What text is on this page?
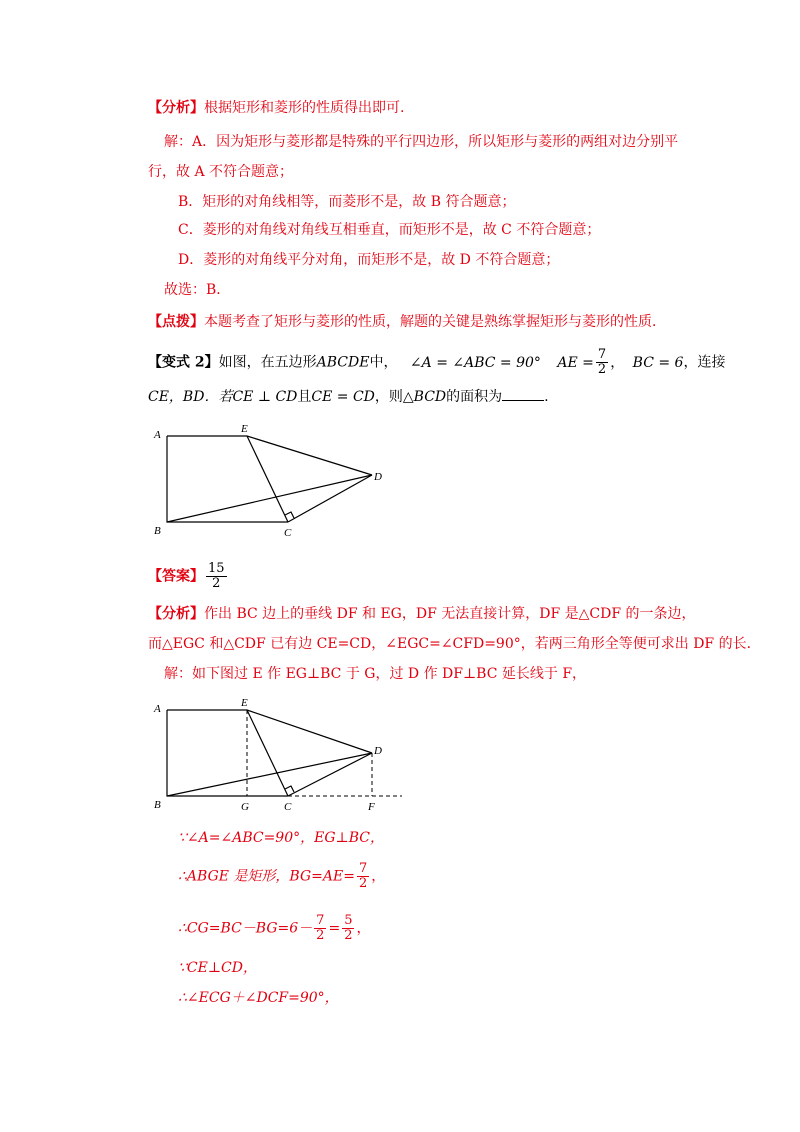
【分析】根据矩形和菱形的性质得出即可.
解：A．因为矩形与菱形都是特殊的平行四边形，所以矩形与菱形的两组对边分别平
行，故 A 不符合题意；
B．矩形的对角线相等，而菱形不是，故 B 符合题意；
C．菱形的对角线对角线互相垂直，而矩形不是，故 C 不符合题意；
D．菱形的对角线平分对角，而矩形不是，故 D 不符合题意；
故选：B．
【点拨】本题考查了矩形与菱形的性质，解题的关键是熟练掌握矩形与菱形的性质．
【变式 2】如图，在五边形ABCDE中， ∠A = ∠ABC = 90° AE = $\frac{7}{2}$ ， BC = 6，连接
CE，BD．若CE ⊥ CD且CE = CD，则△BCD的面积为	.
A	E
D
B	C
【答案】 $\frac{15}{2}$
【分析】作出 BC 边上的垂线 DF 和 EG，DF 无法直接计算，DF 是△CDF 的一条边，
而△EGC 和△CDF 已有边 CE=CD，∠EGC=∠CFD=90°，若两三角形全等便可求出 DF 的长．
解：如下图过 E 作 EG⊥BC 于 G，过 D 作 DF⊥BC 延长线于 F，
A	E
D
B	G	C	F
∵∠A=∠ABC=90°，EG⊥BC，
∴ABGE 是矩形，$BG=AE= \frac{7}{2}$ ，
∴CG=BC－BG=6－ $\frac{7}{2} = \frac{5}{2}$ ，
∵CE⊥CD，
∴∠ECG＋∠DCF=90°，
